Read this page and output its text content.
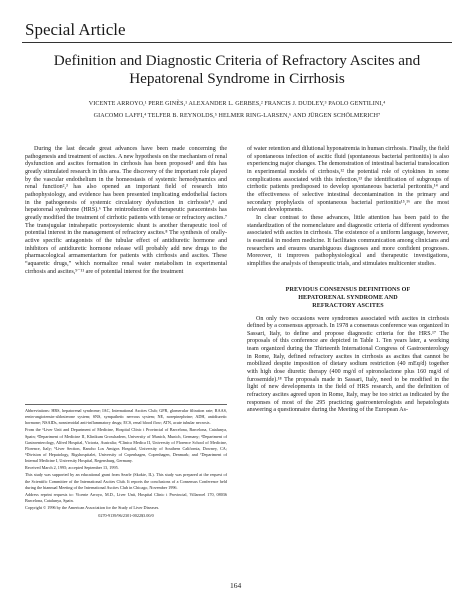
Special Article
Definition and Diagnostic Criteria of Refractory Ascites and
Hepatorenal Syndrome in Cirrhosis
VICENTE ARROYO,¹ PERE GINÈS,¹ ALEXANDER L. GERBES,² FRANCIS J. DUDLEY,³ PAOLO GENTILINI,⁴
GIACOMO LAFFI,⁴ TELFER B. REYNOLDS,⁵ HELMER RING-LARSEN,⁶ AND JÜRGEN SCHÖLMERICH⁷

During the last decade great advances have been made concerning the pathogenesis and treatment of ascites. A new hypothesis on the mechanism of renal dysfunction and ascites formation in cirrhosis has been proposed¹ and this has greatly stimulated research in this area. The discovery of the important role played by the vascular endothelium in the homeostasis of systemic hemodynamics and renal function²,³ has also opened an important field of research into pathophysiology, and evidence has been presented implicating endothelial factors in the pathogenesis of systemic circulatory dysfunction in cirrhosis⁴,⁵ and hepatorenal syndrome (HRS).⁶ The reintroduction of therapeutic paracentesis has greatly modified the treatment of cirrhotic patients with tense or refractory ascites.⁷ The transjugular intrahepatic portosystemic shunt is another therapeutic tool of potential interest in the management of refractory ascites.⁸ The synthesis of orally-active specific antagonists of the tubular effect of antidiuretic hormone and inhibitors of antidiuretic hormone release will probably add new drugs to the pharmacological armamentarium for patients with cirrhosis and ascites. These “aquaretic drugs,” which normalize renal water metabolism in experimental cirrhosis and ascites,⁹⁻¹¹ are of potential interest for the treatment

Abbreviations: HRS, hepatorenal syndrome; IAC, International Ascites Club; GFR, glomerular filtration rate; RAAS, renin-angiotensin-aldosterone system; SNS, sympathetic nervous system; NE, norepinephrine; ADH, antidiuretic hormone; NSAIDs, nonsteroidal anti-inflammatory drugs; ECS, renal blood flow; ATN, acute tubular necrosis.

From the ¹Liver Unit and Department of Medicine, Hospital Clínic i Provincial of Barcelona, Barcelona, Catalunya, Spain; ²Department of Medicine II, Klinikum Grosshadern, University of Munich, Munich, Germany; ³Department of Gastroenterology, Alfred Hospital, Victoria, Australia; ⁴Clinica Medica II, University of Florence School of Medicine, Florence, Italy; ⁵Liver Section, Rancho Los Amigos Hospital, University of Southern California, Downey, CA; ⁶Division of Hepatology, Rigshospitalet, University of Copenhagen, Copenhagen, Denmark; and ⁷Department of Internal Medicine I, University Hospital, Regensburg, Germany.

Received March 2, 1995; accepted September 13, 1995.

This study was supported by an educational grant from Searle (Skokie, IL). This study was prepared at the request of the Scientific Committee of the International Ascites Club. It reports the conclusions of a Consensus Conference held during the biannual Meeting of the International Ascites Club in Chicago, November 1996.

Address reprint requests to: Vicente Arroyo, M.D., Liver Unit, Hospital Clínic i Provincial, Villarroel 170, 08036 Barcelona, Catalunya, Spain.

Copyright © 1996 by the American Association for the Study of Liver Diseases.

0270-9139/96/2301-0022$3.00/0

of water retention and dilutional hyponatremia in human cirrhosis. Finally, the field of spontaneous infection of ascitic fluid (spontaneous bacterial peritonitis) is also experiencing major changes. The demonstration of intestinal bacterial translocation in experimental models of cirrhosis,¹² the potential role of cytokines in some complications associated with this infection,¹³ the identification of subgroups of cirrhotic patients predisposed to develop spontaneous bacterial peritonitis,¹⁴ and the effectiveness of selective intestinal decontamination in the primary and secondary prophylaxis of spontaneous bacterial peritonitis¹⁵,¹⁶ are the most relevant developments.

In clear contrast to these advances, little attention has been paid to the standardization of the nomenclature and diagnostic criteria of different syndromes associated with ascites in cirrhosis. The existence of a uniform language, however, is essential in modern medicine. It facilitates communication among clinicians and researchers and ensures unambiguous diagnoses and more confident prognoses. Moreover, it improves pathophysiological and therapeutic investigations, simplifies the analysis of therapeutic trials, and stimulates multicenter studies.

PREVIOUS CONSENSUS DEFINITIONS OF
HEPATORENAL SYNDROME AND
REFRACTORY ASCITES

On only two occasions were syndromes associated with ascites in cirrhosis defined by a consensus approach. In 1978 a consensus conference was organized in Sassari, Italy, to define and propose diagnostic criteria for the HRS.¹⁷ The proposals of this conference are depicted in Table 1. Ten years later, a working team organized during the Thirteenth International Congress of Gastroenterology in Rome, Italy, defined refractory ascites in cirrhosis as ascites that cannot be mobilized despite imposition of dietary sodium restriction (40 mEq/d) together with high dose diuretic therapy (400 mg/d of spironolactone plus 160 mg/d of furosemide).¹⁸ The proposals made in Sassari, Italy, need to be modified in the light of new developments in the field of HRS research, and the definition of refractory ascites agreed upon in Rome, Italy, may be too strict as indicated by the responses of most of the 295 practicing gastroenterologists and hepatologists answering a questionnaire during the Meeting of the European As-

164
